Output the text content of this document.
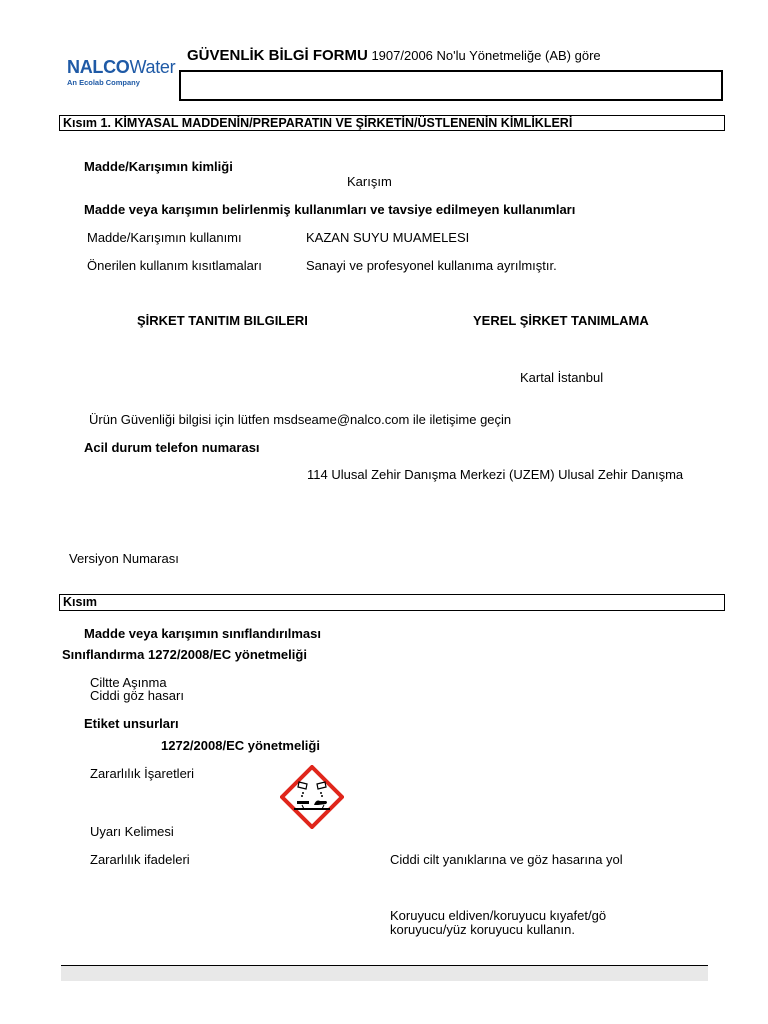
NALCOWater
An Ecolab Company
GÜVENLİK BİLGİ FORMU 1907/2006 No'lu Yönetmeliğe (AB) göre
Kısım 1. KİMYASAL MADDENİN/PREPARATIN VE ŞİRKETİN/ÜSTLENENİN KİMLİKLERİ
Madde/Karışımın kimliği
Karışım
Madde veya karışımın belirlenmiş kullanımları ve tavsiye edilmeyen kullanımları
Madde/Karışımın kullanımı	KAZAN SUYU MUAMELESI
Önerilen kullanım kısıtlamaları	Sanayi ve profesyonel kullanıma ayrılmıştır.
ŞİRKET TANITIM BILGILERI	YEREL ŞİRKET TANIMLAMA
Kartal İstanbul
Ürün Güvenliği bilgisi için lütfen msdseame@nalco.com ile iletişime geçin
Acil durum telefon numarası
114 Ulusal Zehir Danışma Merkezi (UZEM) Ulusal Zehir Danışma
Versiyon Numarası
Kısım
Madde veya karışımın sınıflandırılması
Sınıflandırma 1272/2008/EC yönetmeliği
Ciltte Aşınma
Ciddi göz hasarı
Etiket unsurları
1272/2008/EC yönetmeliği
Zararlılık İşaretleri
Uyarı Kelimesi
Zararlılık ifadeleri	Ciddi cilt yanıklarına ve göz hasarına yol
Koruyucu eldiven/koruyucu kıyafet/gö
koruyucu/yüz koruyucu kullanın.
